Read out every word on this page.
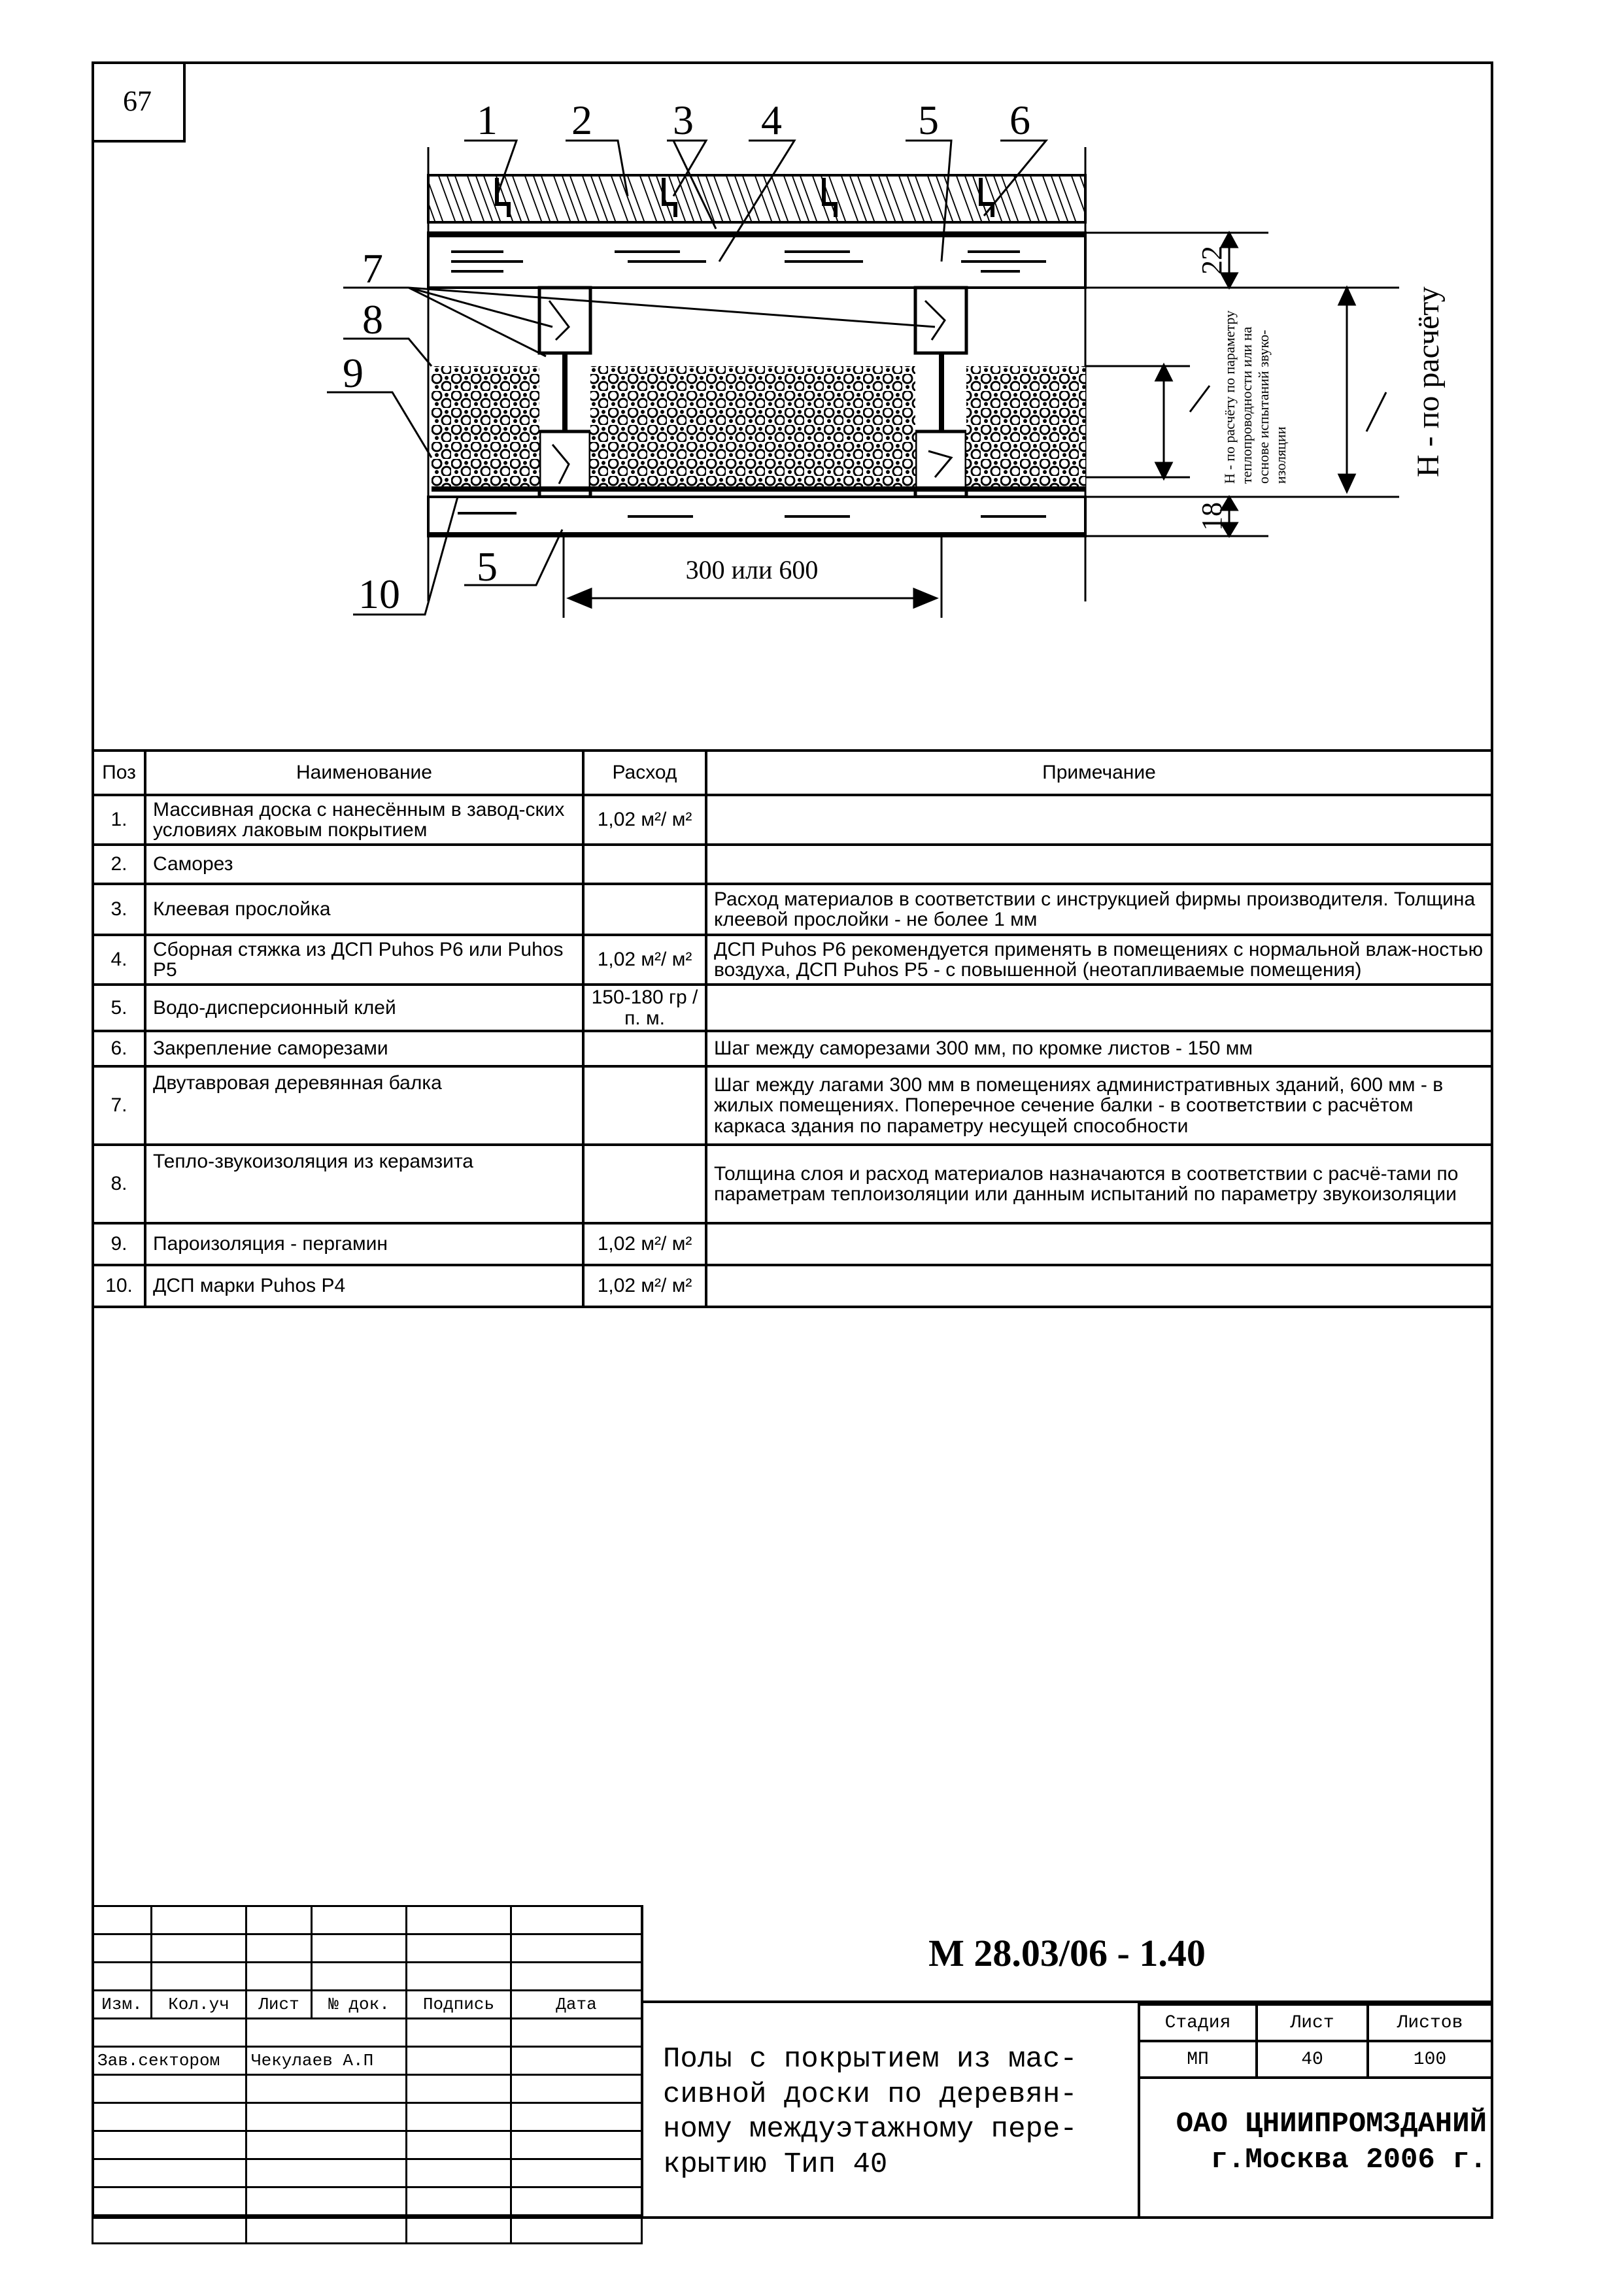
67	1 2 3 4	5 6
7
8
9
10
5	300 или 600
22
18
H - по расчёту по параметру теплопроводности или на основе испытаний звуко- изоляции	H - по расчёту
Поз	Наименование	Расход	Примечание
1.	Массивная доска с нанесённым в завод-ских условиях лаковым покрытием	1,02 м²/ м²	
2.	Саморез		
3.	Клеевая прослойка		Расход материалов в соответствии с инструкцией фирмы производителя. Толщина клеевой прослойки - не более 1 мм
4.	Сборная стяжка из ДСП Puhos P6 или Puhos P5	1,02 м²/ м²	ДСП Puhos P6 рекомендуется применять в помещениях с нормальной влаж-ностью воздуха, ДСП Puhos P5 - с повышенной (неотапливаемые помещения)
5.	Водо-дисперсионный клей	150-180 гр /п. м.	
6.	Закрепление саморезами		Шаг между саморезами 300 мм, по кромке листов - 150 мм
7.	Двутавровая деревянная балка		Шаг между лагами 300 мм в помещениях административных зданий, 600 мм - в жилых помещениях. Поперечное сечение балки - в соответствии с расчётом каркаса здания по параметру несущей способности
8.	Тепло-звукоизоляция из керамзита		Толщина слоя и расход материалов назначаются в соответствии с расчё-тами по параметрам теплоизоляции или данным испытаний по параметру звукоизоляции
9.	Пароизоляция - пергамин	1,02 м²/ м²	
10.	ДСП марки Puhos P4	1,02 м²/ м²	

Изм.	Кол.уч	Лист	№ док.	Подпись	Дата

Зав.сектором		Чекулаев А.П			

М 28.03/06 - 1.40
Полы с покрытием из мас-
сивной доски по деревян-
ному междуэтажному пере-
крытию Тип 40
Стадия	Лист	Листов
МП	40	100
ОАО ЦНИИПРОМЗДАНИЙ
г.Москва 2006 г.
